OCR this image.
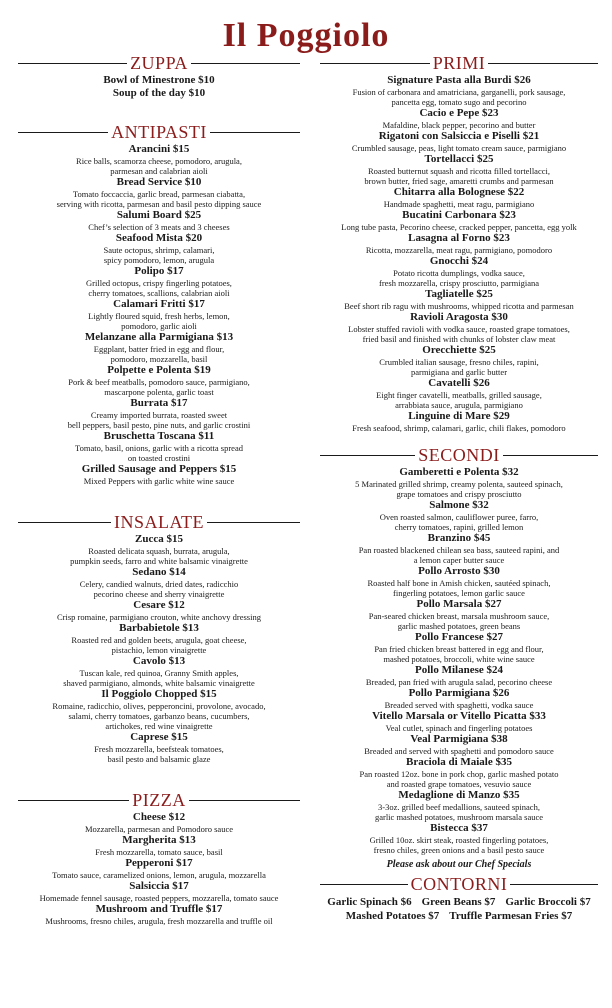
Il Poggiolo
ZUPPA
Bowl of Minestrone $10
Soup of the day $10
ANTIPASTI
Arancini $15
Rice balls, scamorza cheese, pomodoro, arugula,
parmesan and calabrian aioli
Bread Service $10
Tomato foccaccia, garlic bread, parmesan ciabatta,
serving with ricotta, parmesan and basil pesto dipping sauce
Salumi Board $25
Chef’s selection of 3 meats and 3 cheeses
Seafood Mista $20
Saute octopus, shrimp, calamari,
spicy pomodoro, lemon, arugula
Polipo $17
Grilled octopus, crispy fingerling potatoes,
cherry tomatoes, scallions, calabrian aioli
Calamari Fritti $17
Lightly floured squid, fresh herbs, lemon,
pomodoro, garlic aioli
Melanzane alla Parmigiana $13
Eggplant, batter fried in egg and flour,
pomodoro, mozzarella, basil
Polpette e Polenta $19
Pork & beef meatballs, pomodoro sauce, parmigiano,
mascarpone polenta, garlic toast
Burrata $17
Creamy imported burrata, roasted sweet
bell peppers, basil pesto, pine nuts, and garlic crostini
Bruschetta Toscana $11
Tomato, basil, onions, garlic with a ricotta spread
on toasted crostini
Grilled Sausage and Peppers $15
Mixed Peppers with garlic white wine sauce
INSALATE
Zucca $15
Roasted delicata squash, burrata, arugula,
pumpkin seeds, farro and white balsamic vinaigrette
Sedano $14
Celery, candied walnuts, dried dates, radicchio
pecorino cheese and sherry vinaigrette
Cesare $12
Crisp romaine, parmigiano crouton, white anchovy dressing
Barbabietole $13
Roasted red and golden beets, arugula, goat cheese,
pistachio, lemon vinaigrette
Cavolo $13
Tuscan kale, red quinoa, Granny Smith apples,
shaved parmigiano, almonds, white balsamic vinaigrette
Il Poggiolo Chopped $15
Romaine, radicchio, olives, pepperoncini, provolone, avocado,
salami, cherry tomatoes, garbanzo beans, cucumbers,
artichokes, red wine vinaigrette
Caprese $15
Fresh mozzarella, beefsteak tomatoes,
basil pesto and balsamic glaze
PIZZA
Cheese $12
Mozzarella, parmesan and Pomodoro sauce
Margherita $13
Fresh mozzarella, tomato sauce, basil
Pepperoni $17
Tomato sauce, caramelized onions, lemon, arugula, mozzarella
Salsiccia $17
Homemade fennel sausage, roasted peppers, mozzarella, tomato sauce
Mushroom and Truffle $17
Mushrooms, fresno chiles, arugula, fresh mozzarella and truffle oil
PRIMI
Signature Pasta alla Burdi $26
Fusion of carbonara and amatriciana, garganelli, pork sausage,
pancetta egg, tomato sugo and pecorino
Cacio e Pepe $23
Mafaldine, black pepper, pecorino and butter
Rigatoni con Salsiccia e Piselli $21
Crumbled sausage, peas, light tomato cream sauce, parmigiano
Tortellacci $25
Roasted butternut squash and ricotta filled tortellacci,
brown butter, fried sage, amaretti crumbs and parmesan
Chitarra alla Bolognese $22
Handmade spaghetti, meat ragu, parmigiano
Bucatini Carbonara $23
Long tube pasta, Pecorino cheese, cracked pepper, pancetta, egg yolk
Lasagna al Forno $23
Ricotta, mozzarella, meat ragu, parmigiano, pomodoro
Gnocchi $24
Potato ricotta dumplings, vodka sauce,
fresh mozzarella, crispy prosciutto, parmigiana
Tagliatelle $25
Beef short rib ragu with mushrooms, whipped ricotta and parmesan
Ravioli Aragosta $30
Lobster stuffed ravioli with vodka sauce, roasted grape tomatoes,
fried basil and finished with chunks of lobster claw meat
Orecchiette $25
Crumbled italian sausage, fresno chiles, rapini,
parmigiana and garlic butter
Cavatelli $26
Eight finger cavatelli, meatballs, grilled sausage,
arrabbiata sauce, arugula, parmigiano
Linguine di Mare $29
Fresh seafood, shrimp, calamari, garlic, chili flakes, pomodoro
SECONDI
Gamberetti e Polenta $32
5 Marinated grilled shrimp, creamy polenta, sauteed spinach,
grape tomatoes and crispy prosciutto
Salmone $32
Oven roasted salmon, cauliflower puree, farro,
cherry tomatoes, rapini, grilled lemon
Branzino $45
Pan roasted blackened chilean sea bass, sauteed rapini, and
a lemon caper butter sauce
Pollo Arrosto $30
Roasted half bone in Amish chicken, sautéed spinach,
fingerling potatoes, lemon garlic sauce
Pollo Marsala $27
Pan-seared chicken breast, marsala mushroom sauce,
garlic mashed potatoes, green beans
Pollo Francese $27
Pan fried chicken breast battered in egg and flour,
mashed potatoes, broccoli, white wine sauce
Pollo Milanese $24
Breaded, pan fried with arugula salad, pecorino cheese
Pollo Parmigiana $26
Breaded served with spaghetti, vodka sauce
Vitello Marsala or Vitello Picatta $33
Veal cutlet, spinach and fingerling potatoes
Veal Parmigiana $38
Breaded and served with spaghetti and pomodoro sauce
Braciola di Maiale $35
Pan roasted 12oz. bone in pork chop, garlic mashed potato
and roasted grape tomatoes, vesuvio sauce
Medaglione di Manzo $35
3-3oz. grilled beef medallions, sauteed spinach,
garlic mashed potatoes, mushroom marsala sauce
Bistecca $37
Grilled 10oz. skirt steak, roasted fingerling potatoes,
fresno chiles, green onions and a basil pesto sauce
Please ask about our Chef Specials
CONTORNI
Garlic Spinach $6 Green Beans $7 Garlic Broccoli $7
Mashed Potatoes $7 Truffle Parmesan Fries $7
